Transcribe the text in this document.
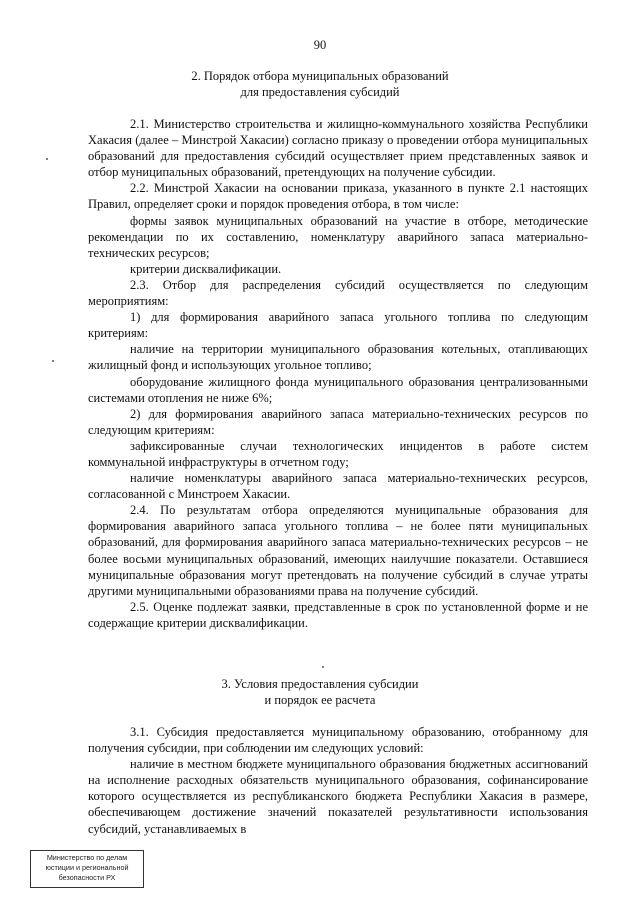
90
2. Порядок отбора муниципальных образований
для предоставления субсидий

2.1. Министерство строительства и жилищно-коммунального хозяйства Республики Хакасия (далее – Минстрой Хакасии) согласно приказу о проведении отбора муниципальных образований для предоставления субсидий осуществляет прием представленных заявок и отбор муниципальных образований, претендующих на получение субсидии.

2.2. Минстрой Хакасии на основании приказа, указанного в пункте 2.1 настоящих Правил, определяет сроки и порядок проведения отбора, в том числе:

формы заявок муниципальных образований на участие в отборе, методические рекомендации по их составлению, номенклатуру аварийного запаса материально-технических ресурсов;

критерии дисквалификации.

2.3. Отбор для распределения субсидий осуществляется по следующим мероприятиям:

1) для формирования аварийного запаса угольного топлива по следующим критериям:

наличие на территории муниципального образования котельных, отапливающих жилищный фонд и использующих угольное топливо;

оборудование жилищного фонда муниципального образования централизованными системами отопления не ниже 6%;

2) для формирования аварийного запаса материально-технических ресурсов по следующим критериям:

зафиксированные случаи технологических инцидентов в работе систем коммунальной инфраструктуры в отчетном году;

наличие номенклатуры аварийного запаса материально-технических ресурсов, согласованной с Минстроем Хакасии.

2.4. По результатам отбора определяются муниципальные образования для формирования аварийного запаса угольного топлива – не более пяти муниципальных образований, для формирования аварийного запаса материально-технических ресурсов – не более восьми муниципальных образований, имеющих наилучшие показатели. Оставшиеся муниципальные образования могут претендовать на получение субсидий в случае утраты другими муниципальными образованиями права на получение субсидий.

2.5. Оценке подлежат заявки, представленные в срок по установленной форме и не содержащие критерии дисквалификации.

3. Условия предоставления субсидии
и порядок ее расчета

3.1. Субсидия предоставляется муниципальному образованию, отобранному для получения субсидии, при соблюдении им следующих условий:

наличие в местном бюджете муниципального образования бюджетных ассигнований на исполнение расходных обязательств муниципального образования, софинансирование которого осуществляется из республиканского бюджета Республики Хакасия в размере, обеспечивающем достижение значений показателей результативности использования субсидий, устанавливаемых в

Министерство по делам
юстиции и региональной
безопасности РХ
